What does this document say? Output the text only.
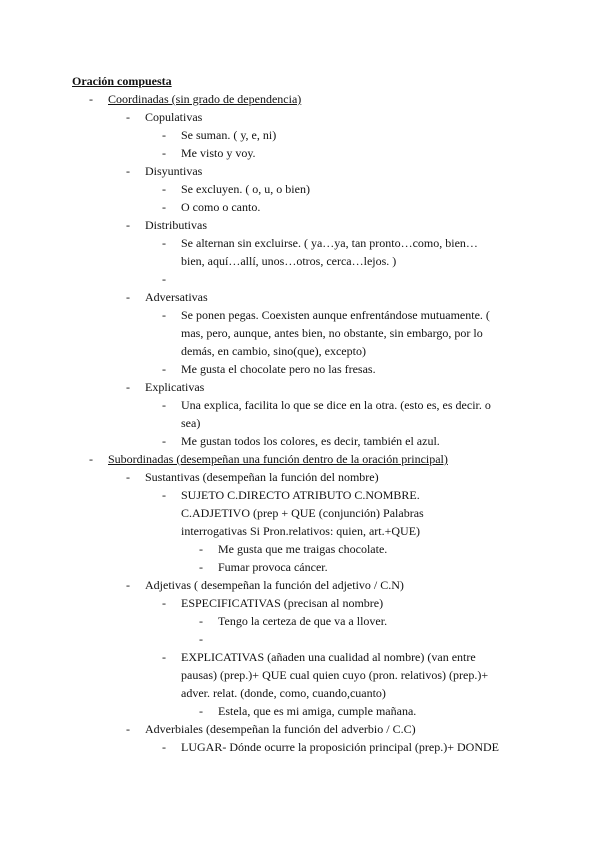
Oración compuesta
-	Coordinadas (sin grado de dependencia)
-	Copulativas
-	Se suman. ( y, e, ni)
-	Me visto y voy.
-	Disyuntivas
-	Se excluyen. ( o, u, o bien)
-	O como o canto.
-	Distributivas
-	Se alternan sin excluirse. ( ya…ya, tan pronto…como, bien…bien, aquí…allí, unos…otros, cerca…lejos. )
-
-	Adversativas
-	Se ponen pegas. Coexisten aunque enfrentándose mutuamente. ( mas, pero, aunque, antes bien, no obstante, sin embargo, por lo demás, en cambio, sino(que), excepto)
-	Me gusta el chocolate pero no las fresas.
-	Explicativas
-	Una explica, facilita lo que se dice en la otra. (esto es, es decir. o sea)
-	Me gustan todos los colores, es decir, también el azul.
-	Subordinadas (desempeñan una función dentro de la oración principal)
-	Sustantivas (desempeñan la función del nombre)
-	SUJETO C.DIRECTO ATRIBUTO C.NOMBRE. C.ADJETIVO (prep + QUE (conjunción) Palabras interrogativas Si Pron.relativos: quien, art.+QUE)
-	Me gusta que me traigas chocolate.
-	Fumar provoca cáncer.
-	Adjetivas ( desempeñan la función del adjetivo / C.N)
-	ESPECIFICATIVAS (precisan al nombre)
-	Tengo la certeza de que va a llover.
-
-	EXPLICATIVAS (añaden una cualidad al nombre) (van entre pausas) (prep.)+ QUE cual quien cuyo (pron. relativos) (prep.)+ adver. relat. (donde, como, cuando,cuanto)
-	Estela, que es mi amiga, cumple mañana.
-	Adverbiales (desempeñan la función del adverbio / C.C)
-	LUGAR- Dónde ocurre la proposición principal (prep.)+ DONDE
